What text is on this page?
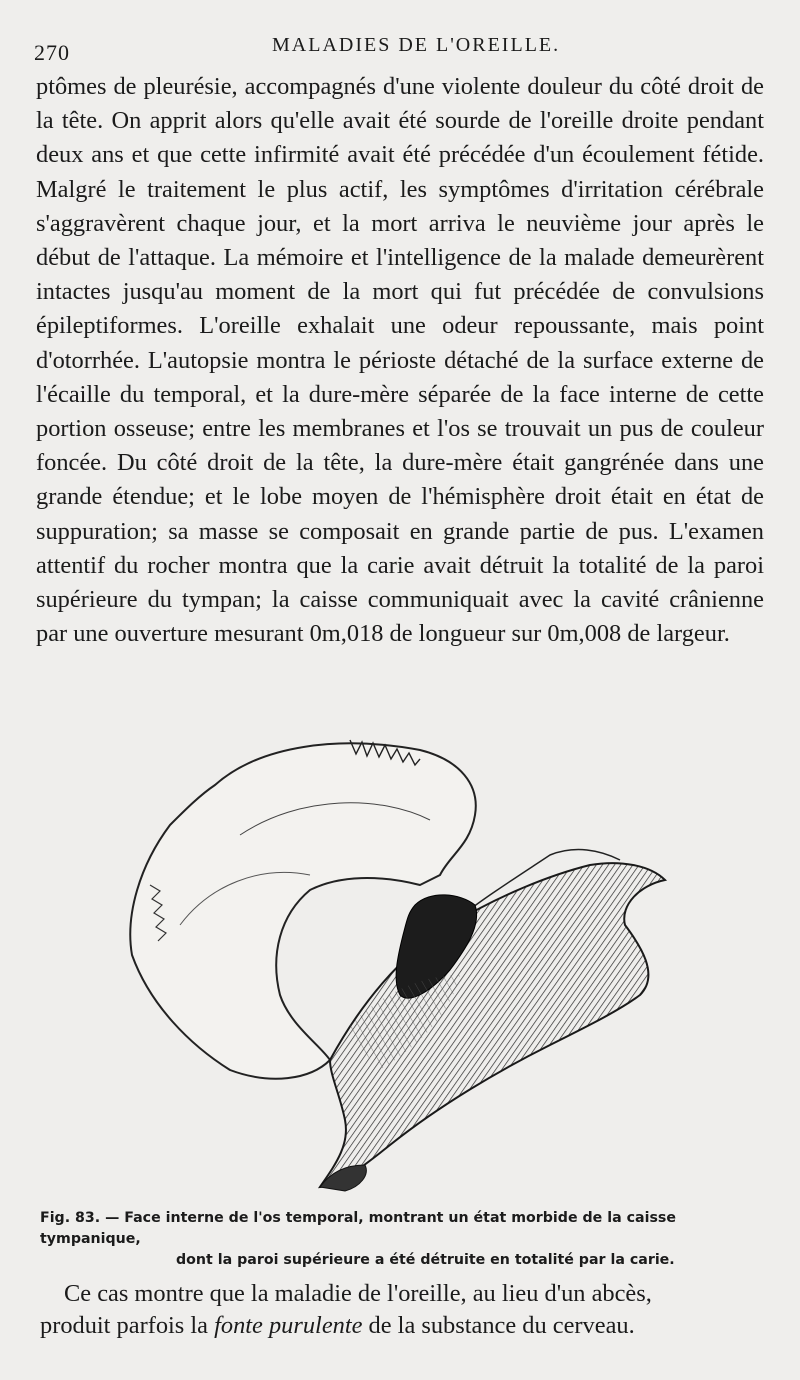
270	MALADIES DE L'OREILLE.
ptômes de pleurésie, accompagnés d'une violente douleur du côté droit de la tête. On apprit alors qu'elle avait été sourde de l'oreille droite pendant deux ans et que cette infirmité avait été précédée d'un écoulement fétide. Malgré le traitement le plus actif, les symptômes d'irritation cérébrale s'aggravèrent chaque jour, et la mort arriva le neuvième jour après le début de l'attaque. La mémoire et l'intelligence de la malade demeurèrent intactes jusqu'au moment de la mort qui fut précédée de convulsions épileptiformes. L'oreille exhalait une odeur repoussante, mais point d'otorrhée. L'autopsie montra le périoste détaché de la surface externe de l'écaille du temporal, et la dure-mère séparée de la face interne de cette portion osseuse; entre les membranes et l'os se trouvait un pus de couleur foncée. Du côté droit de la tête, la dure-mère était gangrénée dans une grande étendue; et le lobe moyen de l'hémisphère droit était en état de suppuration; sa masse se composait en grande partie de pus. L'examen attentif du rocher montra que la carie avait détruit la totalité de la paroi supérieure du tympan; la caisse communiquait avec la cavité crânienne par une ouverture mesurant 0m,018 de longueur sur 0m,008 de largeur.
Fig. 83. — Face interne de l'os temporal, montrant un état morbide de la caisse tympanique,
dont la paroi supérieure a été détruite en totalité par la carie.
Ce cas montre que la maladie de l'oreille, au lieu d'un abcès,
produit parfois la fonte purulente de la substance du cerveau.
